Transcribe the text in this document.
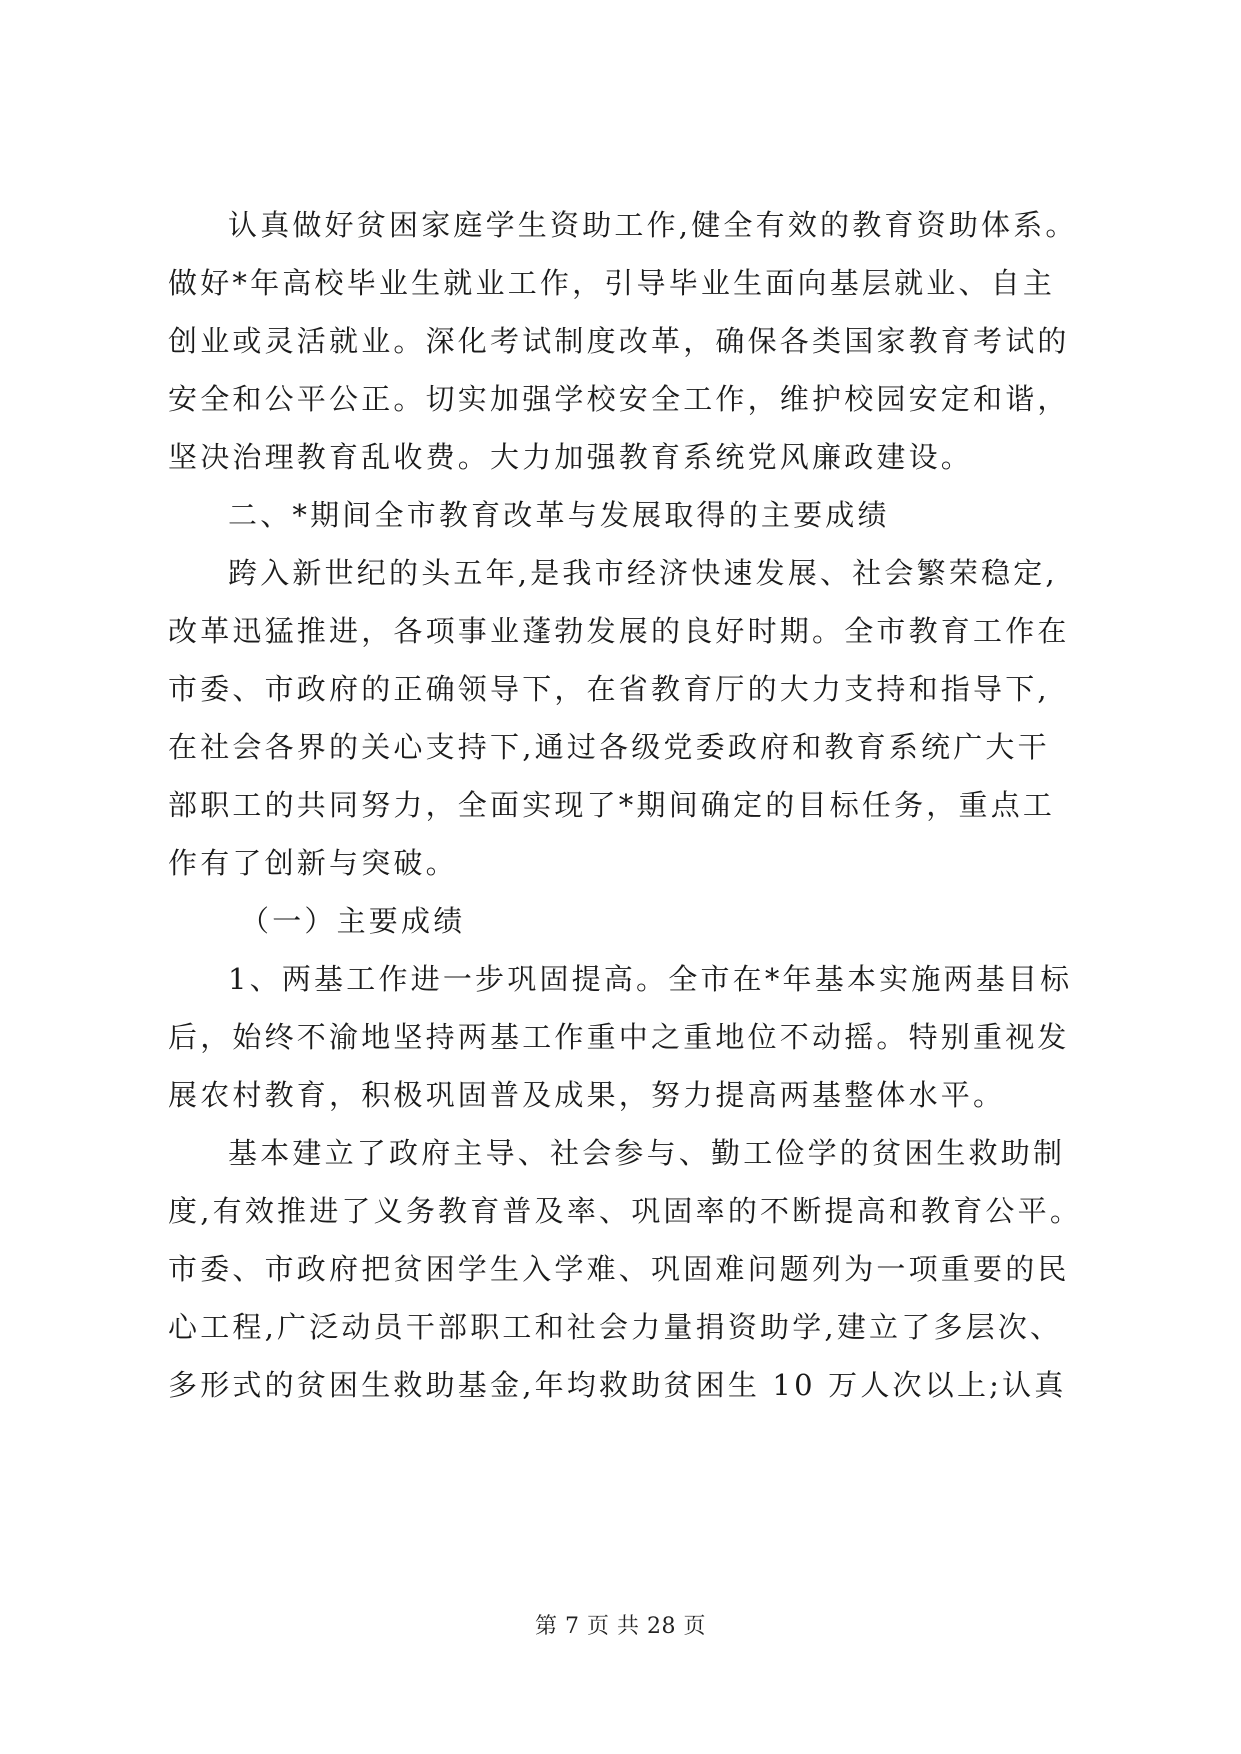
认真做好贫困家庭学生资助工作,健全有效的教育资助体系。
做好*年高校毕业生就业工作，引导毕业生面向基层就业、自主
创业或灵活就业。深化考试制度改革，确保各类国家教育考试的
安全和公平公正。切实加强学校安全工作，维护校园安定和谐，
坚决治理教育乱收费。大力加强教育系统党风廉政建设。
二、*期间全市教育改革与发展取得的主要成绩
跨入新世纪的头五年,是我市经济快速发展、社会繁荣稳定,
改革迅猛推进，各项事业蓬勃发展的良好时期。全市教育工作在
市委、市政府的正确领导下，在省教育厅的大力支持和指导下,
在社会各界的关心支持下,通过各级党委政府和教育系统广大干
部职工的共同努力，全面实现了*期间确定的目标任务，重点工
作有了创新与突破。
（一）主要成绩
1、两基工作进一步巩固提高。全市在*年基本实施两基目标
后，始终不渝地坚持两基工作重中之重地位不动摇。特别重视发
展农村教育，积极巩固普及成果，努力提高两基整体水平。
基本建立了政府主导、社会参与、勤工俭学的贫困生救助制
度,有效推进了义务教育普及率、巩固率的不断提高和教育公平。
市委、市政府把贫困学生入学难、巩固难问题列为一项重要的民
心工程,广泛动员干部职工和社会力量捐资助学,建立了多层次、
多形式的贫困生救助基金,年均救助贫困生 10 万人次以上;认真
第 7 页 共 28 页
